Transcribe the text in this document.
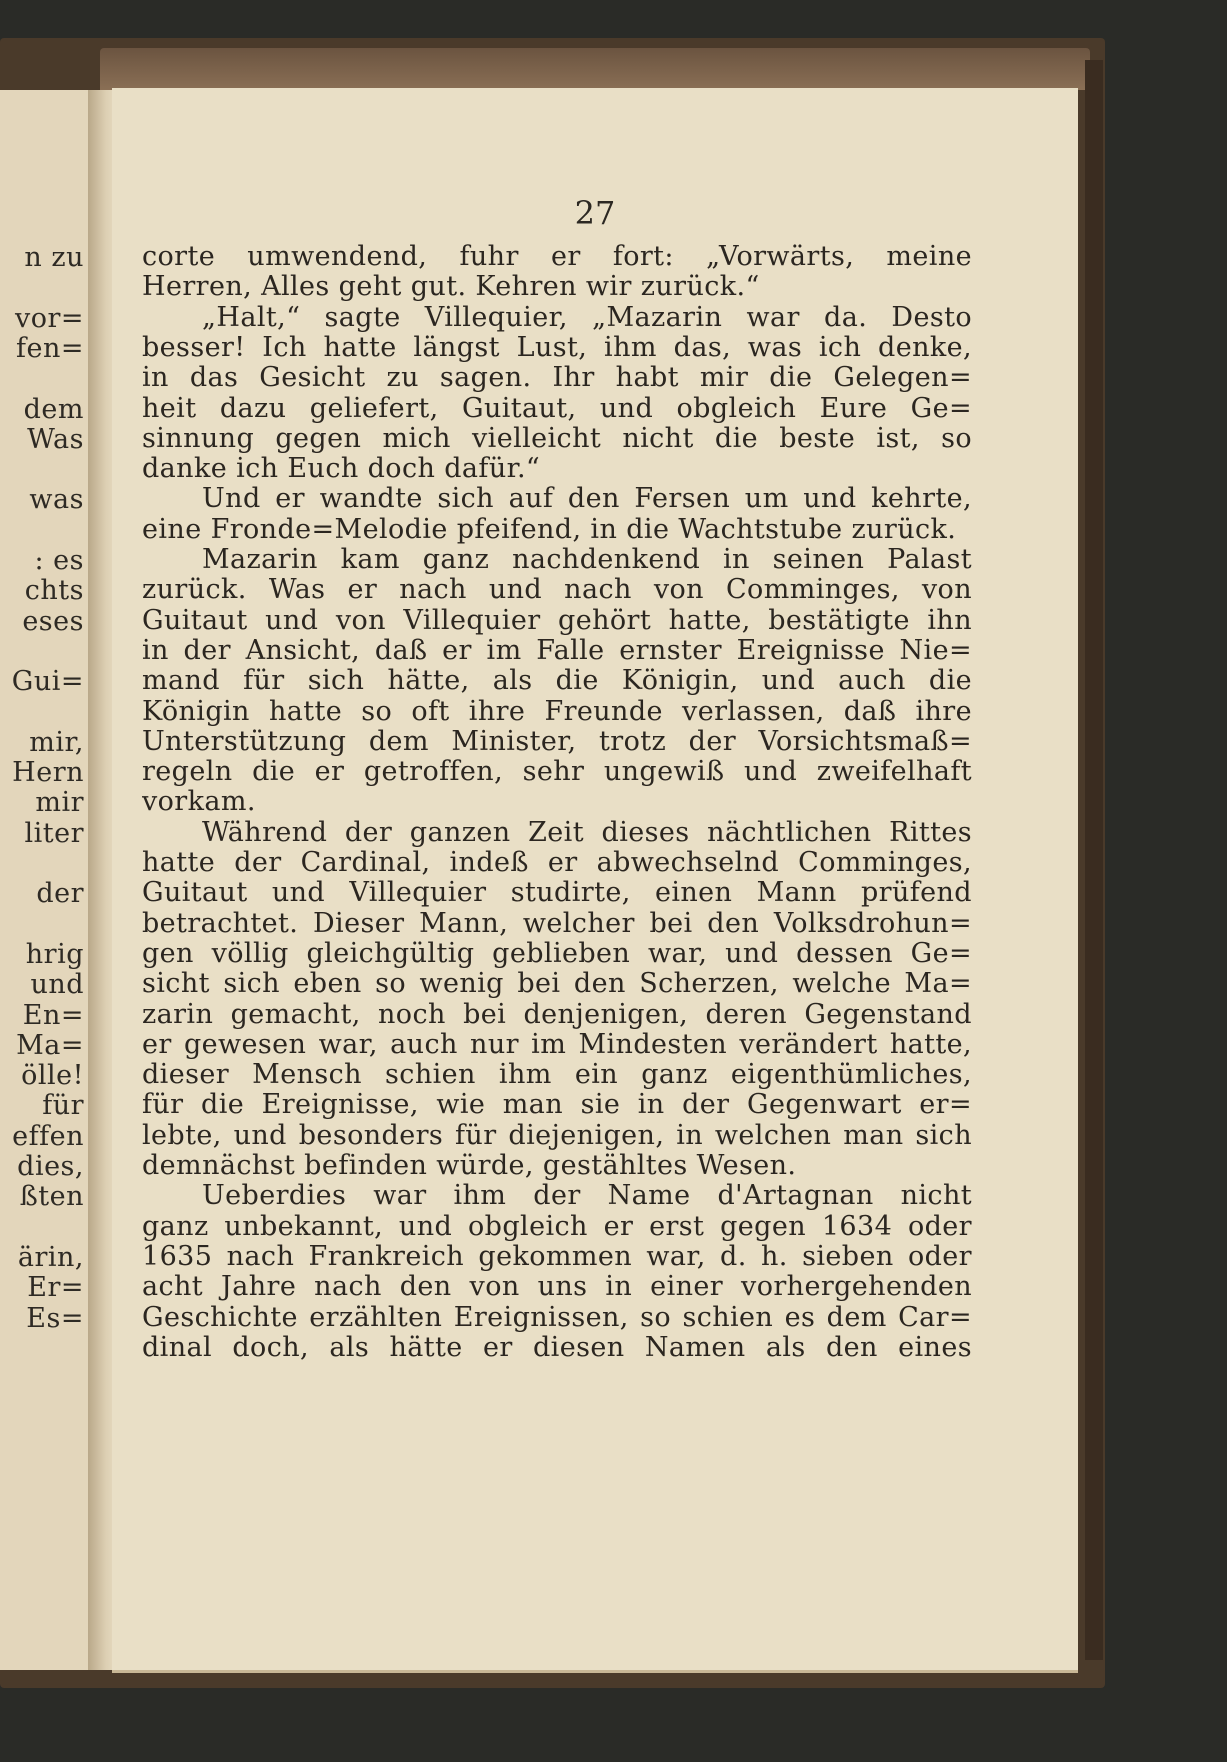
n zu
vor=
fen=
dem
Was
was
: es
chts
eses
Gui=
mir,
Hern
mir
liter
der
hrig
und
En=
Ma=
ölle!
für
effen
dies,
ßten
ärin,
Er=
Es=
27
corte umwendend, fuhr er fort: „Vorwärts, meine
Herren, Alles geht gut. Kehren wir zurück.“
„Halt,“ sagte Villequier, „Mazarin war da. Desto
besser! Ich hatte längst Lust, ihm das, was ich denke,
in das Gesicht zu sagen. Ihr habt mir die Gelegen=
heit dazu geliefert, Guitaut, und obgleich Eure Ge=
sinnung gegen mich vielleicht nicht die beste ist, so
danke ich Euch doch dafür.“
Und er wandte sich auf den Fersen um und kehrte,
eine Fronde=Melodie pfeifend, in die Wachtstube zurück.
Mazarin kam ganz nachdenkend in seinen Palast
zurück. Was er nach und nach von Comminges, von
Guitaut und von Villequier gehört hatte, bestätigte ihn
in der Ansicht, daß er im Falle ernster Ereignisse Nie=
mand für sich hätte, als die Königin, und auch die
Königin hatte so oft ihre Freunde verlassen, daß ihre
Unterstützung dem Minister, trotz der Vorsichtsmaß=
regeln die er getroffen, sehr ungewiß und zweifelhaft
vorkam.
Während der ganzen Zeit dieses nächtlichen Rittes
hatte der Cardinal, indeß er abwechselnd Comminges,
Guitaut und Villequier studirte, einen Mann prüfend
betrachtet. Dieser Mann, welcher bei den Volksdrohun=
gen völlig gleichgültig geblieben war, und dessen Ge=
sicht sich eben so wenig bei den Scherzen, welche Ma=
zarin gemacht, noch bei denjenigen, deren Gegenstand
er gewesen war, auch nur im Mindesten verändert hatte,
dieser Mensch schien ihm ein ganz eigenthümliches,
für die Ereignisse, wie man sie in der Gegenwart er=
lebte, und besonders für diejenigen, in welchen man sich
demnächst befinden würde, gestähltes Wesen.
Ueberdies war ihm der Name d'Artagnan nicht
ganz unbekannt, und obgleich er erst gegen 1634 oder
1635 nach Frankreich gekommen war, d. h. sieben oder
acht Jahre nach den von uns in einer vorhergehenden
Geschichte erzählten Ereignissen, so schien es dem Car=
dinal doch, als hätte er diesen Namen als den eines
